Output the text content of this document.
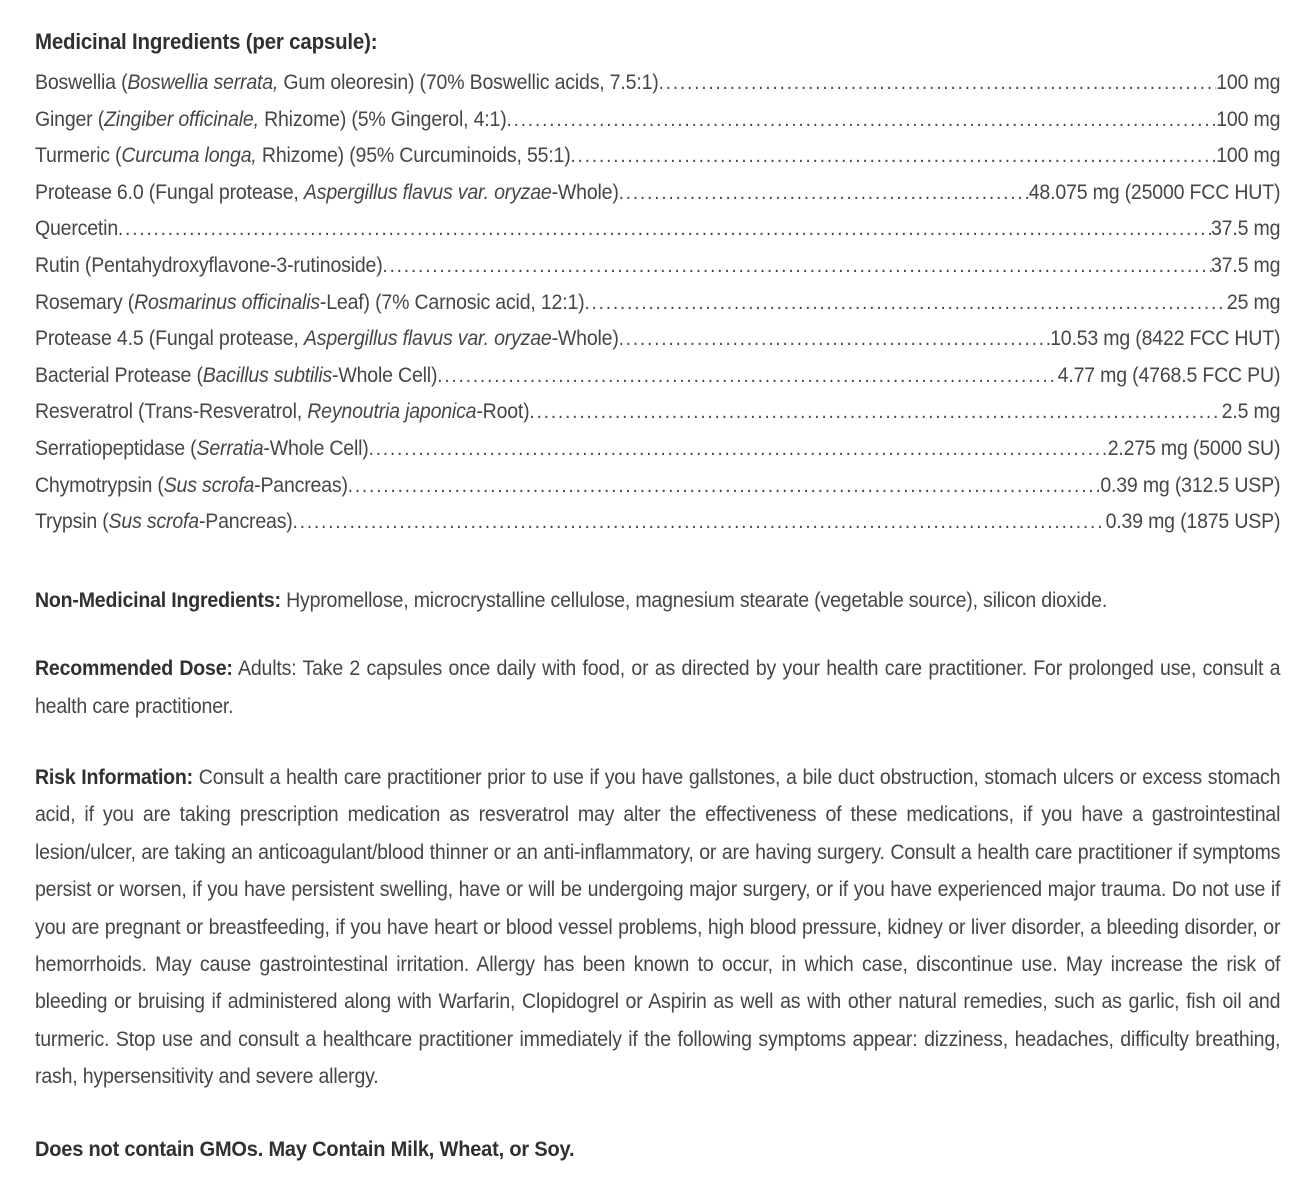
Medicinal Ingredients (per capsule):
Boswellia (Boswellia serrata, Gum oleoresin) (70% Boswellic acids, 7.5:1) .....	100 mg
Ginger (Zingiber officinale, Rhizome) (5% Gingerol, 4:1) .....	100 mg
Turmeric (Curcuma longa, Rhizome) (95% Curcuminoids, 55:1) .....	100 mg
Protease 6.0 (Fungal protease, Aspergillus flavus var. oryzae-Whole) .....	48.075 mg (25000 FCC HUT)
Quercetin .....	37.5 mg
Rutin (Pentahydroxyflavone-3-rutinoside) .....	37.5 mg
Rosemary (Rosmarinus officinalis-Leaf) (7% Carnosic acid, 12:1) .....	25 mg
Protease 4.5 (Fungal protease, Aspergillus flavus var. oryzae-Whole) .....	10.53 mg (8422 FCC HUT)
Bacterial Protease (Bacillus subtilis-Whole Cell) .....	4.77 mg (4768.5 FCC PU)
Resveratrol (Trans-Resveratrol, Reynoutria japonica-Root) .....	2.5 mg
Serratiopeptidase (Serratia-Whole Cell) .....	2.275 mg (5000 SU)
Chymotrypsin (Sus scrofa-Pancreas) .....	0.39 mg (312.5 USP)
Trypsin (Sus scrofa-Pancreas) .....	0.39 mg (1875 USP)

Non-Medicinal Ingredients: Hypromellose, microcrystalline cellulose, magnesium stearate (vegetable source), silicon dioxide.

Recommended Dose: Adults: Take 2 capsules once daily with food, or as directed by your health care practitioner. For prolonged use, consult a health care practitioner.

Risk Information: Consult a health care practitioner prior to use if you have gallstones, a bile duct obstruction, stomach ulcers or excess stomach acid, if you are taking prescription medication as resveratrol may alter the effectiveness of these medications, if you have a gastrointestinal lesion/ulcer, are taking an anticoagulant/blood thinner or an anti-inflammatory, or are having surgery. Consult a health care practitioner if symptoms persist or worsen, if you have persistent swelling, have or will be undergoing major surgery, or if you have experienced major trauma. Do not use if you are pregnant or breastfeeding, if you have heart or blood vessel problems, high blood pressure, kidney or liver disorder, a bleeding disorder, or hemorrhoids. May cause gastrointestinal irritation. Allergy has been known to occur, in which case, discontinue use. May increase the risk of bleeding or bruising if administered along with Warfarin, Clopidogrel or Aspirin as well as with other natural remedies, such as garlic, fish oil and turmeric. Stop use and consult a healthcare practitioner immediately if the following symptoms appear: dizziness, headaches, difficulty breathing, rash, hypersensitivity and severe allergy.

Does not contain GMOs. May Contain Milk, Wheat, or Soy.
